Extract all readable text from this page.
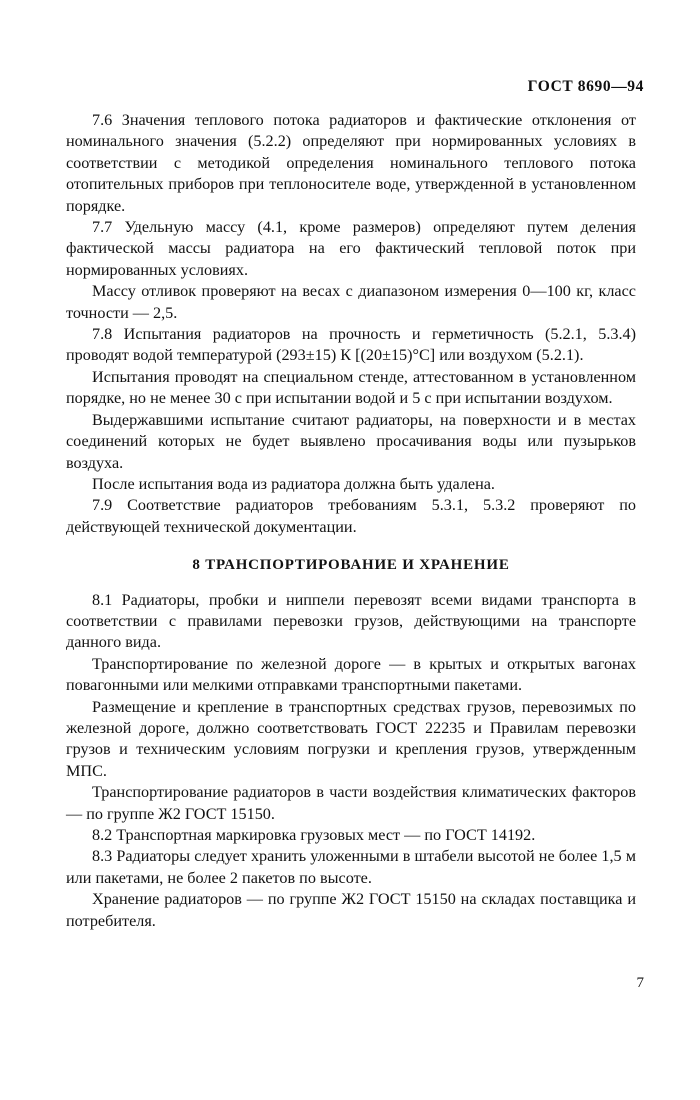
ГОСТ 8690—94

7.6 Значения теплового потока радиаторов и фактические отклонения от номинального значения (5.2.2) определяют при нормированных условиях в соответствии с методикой определения номинального теплового потока отопительных приборов при теплоносителе воде, утвержденной в установленном порядке.

7.7 Удельную массу (4.1, кроме размеров) определяют путем деления фактической массы радиатора на его фактический тепловой поток при нормированных условиях.

Массу отливок проверяют на весах с диапазоном измерения 0—100 кг, класс точности — 2,5.

7.8 Испытания радиаторов на прочность и герметичность (5.2.1, 5.3.4) проводят водой температурой (293±15) К [(20±15)°С] или воздухом (5.2.1).

Испытания проводят на специальном стенде, аттестованном в установленном порядке, но не менее 30 с при испытании водой и 5 с при испытании воздухом.

Выдержавшими испытание считают радиаторы, на поверхности и в местах соединений которых не будет выявлено просачивания воды или пузырьков воздуха.

После испытания вода из радиатора должна быть удалена.

7.9 Соответствие радиаторов требованиям 5.3.1, 5.3.2 проверяют по действующей технической документации.

8 ТРАНСПОРТИРОВАНИЕ И ХРАНЕНИЕ

8.1 Радиаторы, пробки и ниппели перевозят всеми видами транспорта в соответствии с правилами перевозки грузов, действующими на транспорте данного вида.

Транспортирование по железной дороге — в крытых и открытых вагонах повагонными или мелкими отправками транспортными пакетами.

Размещение и крепление в транспортных средствах грузов, перевозимых по железной дороге, должно соответствовать ГОСТ 22235 и Правилам перевозки грузов и техническим условиям погрузки и крепления грузов, утвержденным МПС.

Транспортирование радиаторов в части воздействия климатических факторов — по группе Ж2 ГОСТ 15150.

8.2 Транспортная маркировка грузовых мест — по ГОСТ 14192.

8.3 Радиаторы следует хранить уложенными в штабели высотой не более 1,5 м или пакетами, не более 2 пакетов по высоте.

Хранение радиаторов — по группе Ж2 ГОСТ 15150 на складах поставщика и потребителя.

7
